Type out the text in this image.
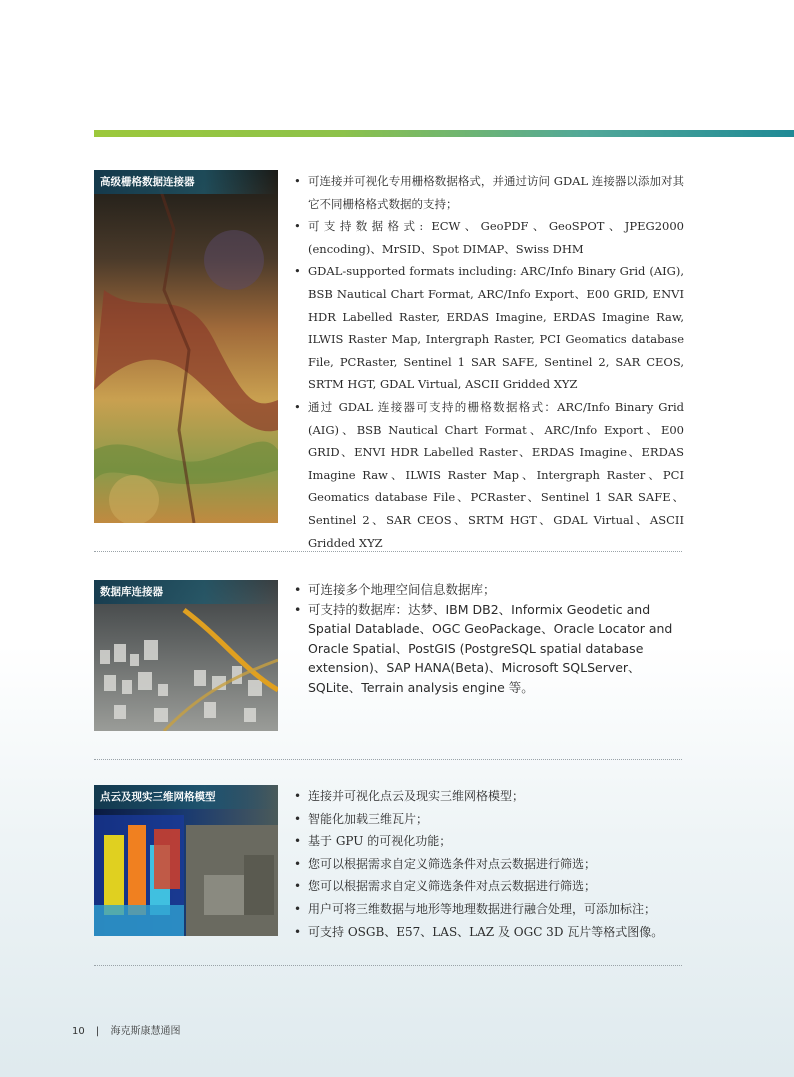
高级栅格数据连接器	• 可连接并可视化专用栅格数据格式，并通过访问 GDAL 连接器以添加对其它不同栅格格式数据的支持；
• 可支持数据格式: ECW、GeoPDF、GeoSPOT、JPEG2000 (encoding)、MrSID、Spot DIMAP、Swiss DHM
• GDAL-supported formats including: ARC/Info Binary Grid (AIG), BSB Nautical Chart Format, ARC/Info Export、E00 GRID, ENVI HDR Labelled Raster, ERDAS Imagine, ERDAS Imagine Raw, ILWIS Raster Map, Intergraph Raster, PCI Geomatics database File, PCRaster, Sentinel 1 SAR SAFE, Sentinel 2, SAR CEOS, SRTM HGT, GDAL Virtual, ASCII Gridded XYZ
• 通过 GDAL 连接器可支持的栅格数据格式：ARC/Info Binary Grid (AIG)、BSB Nautical Chart Format、ARC/Info Export、E00 GRID、ENVI HDR Labelled Raster、ERDAS Imagine、ERDAS Imagine Raw、ILWIS Raster Map、Intergraph Raster、PCI Geomatics database File、PCRaster、Sentinel 1 SAR SAFE、Sentinel 2、SAR CEOS、SRTM HGT、GDAL Virtual、ASCII Gridded XYZ
数据库连接器	• 可连接多个地理空间信息数据库；
• 可支持的数据库：达梦、IBM DB2、Informix Geodetic and Spatial Datablade、OGC GeoPackage、Oracle Locator and Oracle Spatial、PostGIS (PostgreSQL spatial database extension)、SAP HANA(Beta)、Microsoft SQLServer、SQLite、Terrain analysis engine 等。
点云及现实三维网格模型	• 连接并可视化点云及现实三维网格模型；
• 智能化加载三维瓦片；
• 基于 GPU 的可视化功能；
• 您可以根据需求自定义筛选条件对点云数据进行筛选；
• 您可以根据需求自定义筛选条件对点云数据进行筛选；
• 用户可将三维数据与地形等地理数据进行融合处理，可添加标注；
• 可支持 OSGB、E57、LAS、LAZ 及 OGC 3D 瓦片等格式图像。
10 | 海克斯康慧通图
